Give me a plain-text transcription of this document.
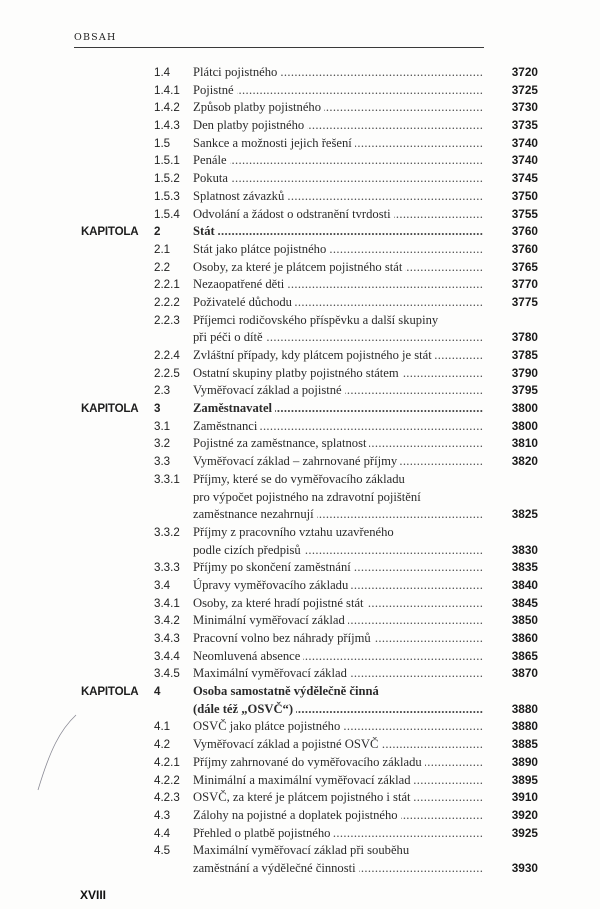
OBSAH
1.4 Plátci pojistného . . .	3720
1.4.1 Pojistné . . .	3725
1.4.2 Způsob platby pojistného . . .	3730
1.4.3 Den platby pojistného . . .	3735
1.5 Sankce a možnosti jejich řešení . . .	3740
1.5.1 Penále . . .	3740
1.5.2 Pokuta . . .	3745
1.5.3 Splatnost závazků . . .	3750
1.5.4 Odvolání a žádost o odstranění tvrdosti . . .	3755
KAPITOLA 2	Stát . . .	3760
2.1 Stát jako plátce pojistného . . .	3760
2.2 Osoby, za které je plátcem pojistného stát . . .	3765
2.2.1 Nezaopatřené děti . . .	3770
2.2.2 Poživatelé důchodu . . .	3775
2.2.3 Příjemci rodičovského příspěvku a další skupiny
při péči o dítě . . .	3780
2.2.4 Zvláštní případy, kdy plátcem pojistného je stát . . .	3785
2.2.5 Ostatní skupiny platby pojistného státem . . .	3790
2.3 Vyměřovací základ a pojistné . . .	3795
KAPITOLA 3	Zaměstnavatel . . .	3800
3.1 Zaměstnanci . . .	3800
3.2 Pojistné za zaměstnance, splatnost . . .	3810
3.3 Vyměřovací základ – zahrnované příjmy . . .	3820
3.3.1 Příjmy, které se do vyměřovacího základu
pro výpočet pojistného na zdravotní pojištění
zaměstnance nezahrnují . . .	3825
3.3.2 Příjmy z pracovního vztahu uzavřeného
podle cizích předpisů . . .	3830
3.3.3 Příjmy po skončení zaměstnání . . .	3835
3.4 Úpravy vyměřovacího základu . . .	3840
3.4.1 Osoby, za které hradí pojistné stát . . .	3845
3.4.2 Minimální vyměřovací základ . . .	3850
3.4.3 Pracovní volno bez náhrady příjmů . . .	3860
3.4.4 Neomluvená absence . . .	3865
3.4.5 Maximální vyměřovací základ . . .	3870
KAPITOLA 4	Osoba samostatně výdělečně činná
(dále též „OSVČ“) . . .	3880
4.1 OSVČ jako plátce pojistného . . .	3880
4.2 Vyměřovací základ a pojistné OSVČ . . .	3885
4.2.1 Příjmy zahrnované do vyměřovacího základu . . .	3890
4.2.2 Minimální a maximální vyměřovací základ . . .	3895
4.2.3 OSVČ, za které je plátcem pojistného i stát . . .	3910
4.3 Zálohy na pojistné a doplatek pojistného . . .	3920
4.4 Přehled o platbě pojistného . . .	3925
4.5 Maximální vyměřovací základ při souběhu
zaměstnání a výdělečné činnosti . . .	3930
XVIII
